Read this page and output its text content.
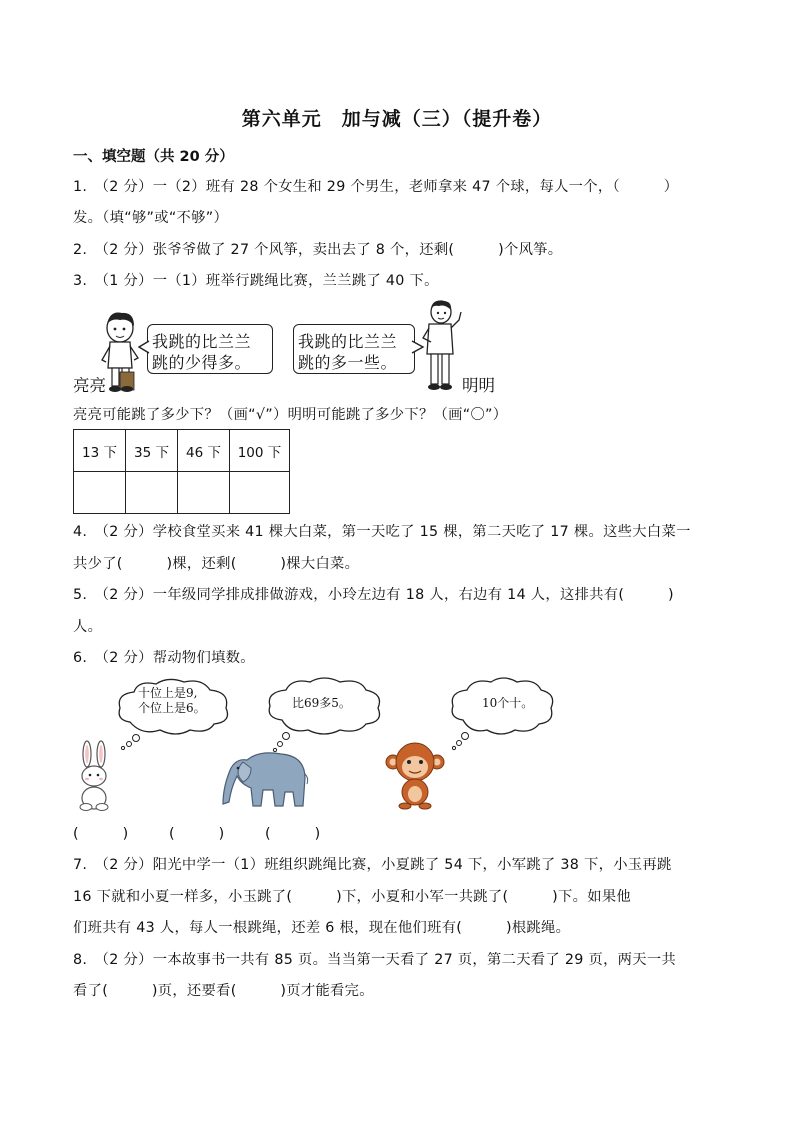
第六单元　加与减（三）（提升卷）
一、填空题（共 20 分）
1.　（2 分）一（2）班有 28 个女生和 29 个男生，老师拿来 47 个球，每人一个，（　　　）
发。（填“够”或“不够”）
2.　（2 分）张爷爷做了 27 个风筝，卖出去了 8 个，还剩(　　　)个风筝。
3.　（1 分）一（1）班举行跳绳比赛，兰兰跳了 40 下。
我跳的比兰兰
跳的少得多。
我跳的比兰兰
跳的多一些。
亮亮	明明
亮亮可能跳了多少下？（画“√”）明明可能跳了多少下？（画“〇”）
13 下	35 下	46 下	100 下

4.　（2 分）学校食堂买来 41 棵大白菜，第一天吃了 15 棵，第二天吃了 17 棵。这些大白菜一
共少了(　　　)棵，还剩(　　　)棵大白菜。
5.　（2 分）一年级同学排成排做游戏，小玲左边有 18 人，右边有 14 人，这排共有(　　　)
人。
6.　（2 分）帮动物们填数。
十位上是9,
个位上是6。	比69多5。	10个十。
(　　　)	(　　　)	(　　　)
7.　（2 分）阳光中学一（1）班组织跳绳比赛，小夏跳了 54 下，小军跳了 38 下，小玉再跳
16 下就和小夏一样多，小玉跳了(　　　)下，小夏和小军一共跳了(　　　)下。如果他
们班共有 43 人，每人一根跳绳，还差 6 根，现在他们班有(　　　)根跳绳。
8.　（2 分）一本故事书一共有 85 页。当当第一天看了 27 页，第二天看了 29 页，两天一共
看了(　　　)页，还要看(　　　)页才能看完。
